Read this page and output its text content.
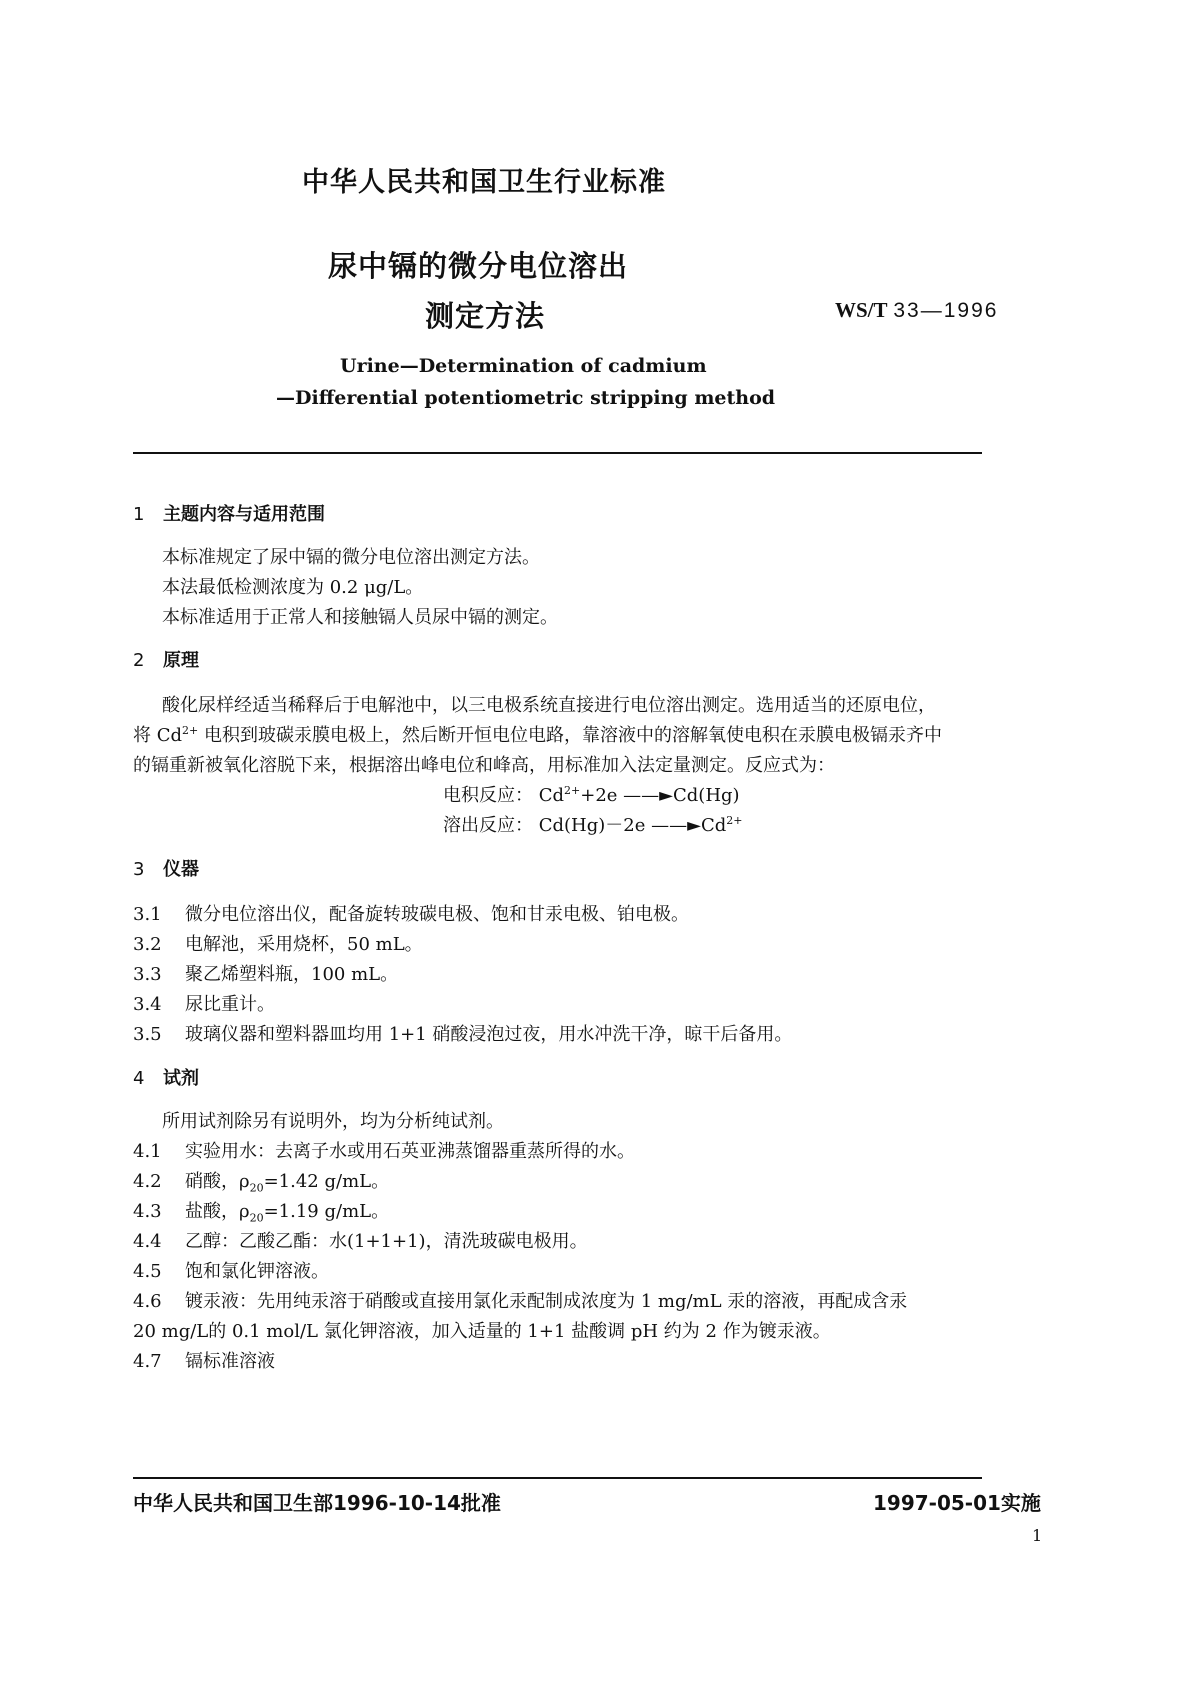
中华人民共和国卫生行业标准
尿中镉的微分电位溶出
测定方法	WS/T 33—1996
Urine—Determination of cadmium
—Differential potentiometric stripping method
1 主题内容与适用范围
本标准规定了尿中镉的微分电位溶出测定方法。
本法最低检测浓度为 0.2 μg/L。
本标准适用于正常人和接触镉人员尿中镉的测定。
2 原理
酸化尿样经适当稀释后于电解池中，以三电极系统直接进行电位溶出测定。选用适当的还原电位，
将 $Cd^{2+}$ 电积到玻碳汞膜电极上，然后断开恒电位电路，靠溶液中的溶解氧使电积在汞膜电极镉汞齐中
的镉重新被氧化溶脱下来，根据溶出峰电位和峰高，用标准加入法定量测定。反应式为：
电积反应： $Cd^{2+}+2e$ ——►Cd(Hg)
溶出反应： Cd(Hg)－2e $——►Cd^{2+}$
3 仪器
3.1 微分电位溶出仪，配备旋转玻碳电极、饱和甘汞电极、铂电极。
3.2 电解池，采用烧杯，50 mL。
3.3 聚乙烯塑料瓶，100 mL。
3.4 尿比重计。
3.5 玻璃仪器和塑料器皿均用 1+1 硝酸浸泡过夜，用水冲洗干净，晾干后备用。
4 试剂
所用试剂除另有说明外，均为分析纯试剂。
4.1 实验用水：去离子水或用石英亚沸蒸馏器重蒸所得的水。
4.2 硝酸，$\rho_{20}=1.42$ g/mL。
4.3 盐酸，$\rho_{20}=1.19$ g/mL。
4.4 乙醇：乙酸乙酯：水(1+1+1)，清洗玻碳电极用。
4.5 饱和氯化钾溶液。
4.6 镀汞液：先用纯汞溶于硝酸或直接用氯化汞配制成浓度为 1 mg/mL 汞的溶液，再配成含汞
20 mg/L的 0.1 mol/L 氯化钾溶液，加入适量的 1+1 盐酸调 pH 约为 2 作为镀汞液。
4.7 镉标准溶液
中华人民共和国卫生部1996-10-14批准	1997-05-01实施
1
